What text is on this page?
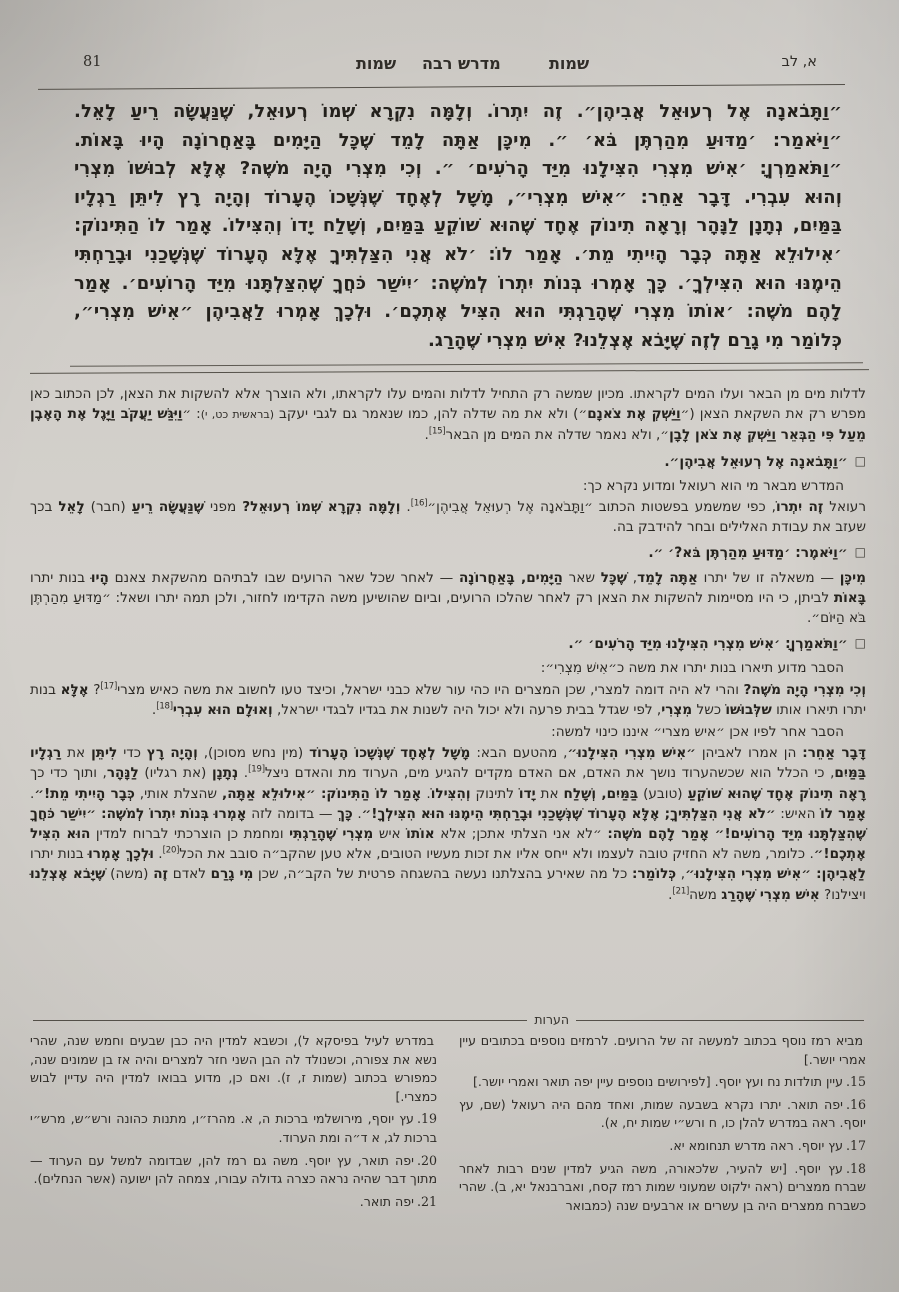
א, לב
שמות
מדרש רבה
שמות
81
״וַתָּבֹאנָה אֶל רְעוּאֵל אֲבִיהֶן״. זֶה יִתְרוֹ. וְלָמָּה נִקְרָא שְׁמוֹ רְעוּאֵל, שֶׁנַּעֲשָׂה רֵיעַ לָאֵל.
״וַיֹּאמַר: ׳מַדּוּעַ מִהַרְתֶּן בֹּא׳ ״. מִיכָּן אַתָּה לָמֵד שֶׁכָּל הַיָּמִים בָּאַחֲרוֹנָה הָיוּ בָּאוֹת.
״וַתֹּאמַרְןָ: ׳אִישׁ מִצְרִי הִצִּילָנוּ מִיַּד הָרֹעִים׳ ״. וְכִי מִצְרִי הָיָה מֹשֶׁה? אֶלָּא לְבוּשׁוֹ מִצְרִי
וְהוּא עִבְרִי. דָּבָר אַחֵר: ״אִישׁ מִצְרִי״, מָשָׁל לְאֶחָד שֶׁנְּשָׁכוֹ הֶעָרוֹד וְהָיָה רָץ לִיתֵּן רַגְלָיו
בַּמַּיִם, נְתָנָן לַנָּהָר וְרָאָה תִינוֹק אֶחָד שֶׁהוּא שׁוֹקֵעַ בַּמַּיִם, וְשָׁלַח יָדוֹ וְהִצִּילוֹ. אָמַר לוֹ הַתִּינוֹק:
׳אִילוּלֵא אַתָּה כְּבָר הָיִיתִי מֵת׳. אָמַר לוֹ: ׳לֹא אֲנִי הִצַּלְתִּיךָ אֶלָּא הֶעָרוֹד שֶׁנְּשָׁכַנִי וּבָרַחְתִּי
הֵימֶנּוּ הוּא הִצִּילְךָ׳. כָּךְ אָמְרוּ בְּנוֹת יִתְרוֹ לְמֹשֶׁה: ׳יִישַׁר כֹּחֲךָ שֶׁהִצַּלְתָּנוּ מִיַּד הָרוֹעִים׳. אָמַר
לָהֶם מֹשֶׁה: ׳אוֹתוֹ מִצְרִי שֶׁהָרַגְתִּי הוּא הִצִּיל אֶתְכֶם׳. וּלְכָךְ אָמְרוּ לַאֲבִיהֶן ״אִישׁ מִצְרִי״,
כְּלוֹמַר מִי גָרַם לְזֶה שֶׁיָּבֹא אֶצְלֵנוּ? אִישׁ מִצְרִי שֶׁהָרַג.
לדלות מים מן הבאר ועלו המים לקראתו. מכיון שמשה רק התחיל לדלות והמים עלו לקראתו, ולא הוצרך אלא להשקות את הצאן, לכן הכתוב כאן מפרש רק את השקאת הצאן (״וַיַּשְׁקְ אֶת צֹאנָם״) ולא את מה שדלה להן, כמו שנאמר גם לגבי יעקב (בראשית כט, י): ״וַיִּגַּשׁ יַעֲקֹב וַיָּגֶל אֶת הָאֶבֶן מֵעַל פִּי הַבְּאֵר וַיַּשְׁקְ אֶת צֹאן לָבָן״, ולא נאמר שדלה את המים מן הבאר[15].
□״וַתָּבֹאנָה אֶל רְעוּאֵל אֲבִיהֶן״.
המדרש מבאר מי הוא רעואל ומדוע נקרא כך:
רעואל זֶה יִתְרוֹ, כפי שמשמע בפשטות הכתוב ״וַתָּבֹאנָה אֶל רְעוּאֵל אֲבִיהֶן״[16]. וְלָמָּה נִקְרָא שְׁמוֹ רְעוּאֵל? מפני שֶׁנַּעֲשָׂה רֵיעַ (חבר) לָאֵל בכך שעזב את עבודת האלילים ובחר להידבק בה.
□״וַיֹּאמֶר: ׳מַדּוּעַ מִהַרְתֶּן בֹּא?׳ ״.
מִיכָּן — משאלה זו של יתרו אַתָּה לָמֵד, שֶׁכָּל שאר הַיָּמִים, בָּאַחֲרוֹנָה — לאחר שכל שאר הרועים שבו לבתיהם מהשקאת צאנם הָיוּ בנות יתרו בָּאוֹת לביתן, כי היו מסיימות להשקות את הצאן רק לאחר שהלכו הרועים, וביום שהושיען משה הקדימו לחזור, ולכן תמה יתרו ושאל: ״מַדּוּעַ מִהַרְתֶּן בֹּא הַיּוֹם״.
□״וַתֹּאמַרְןָ: ׳אִישׁ מִצְרִי הִצִּילָנוּ מִיַּד הָרֹעִים׳ ״.
הסבר מדוע תיארו בנות יתרו את משה כ״אִישׁ מִצְרִי״:
וְכִי מִצְרִי הָיָה מֹשֶׁה? והרי לא היה דומה למצרי, שכן המצרים היו כהי עור שלא כבני ישראל, וכיצד טעו לחשוב את משה כאיש מצרי[17]? אֶלָּא בנות יתרו תיארו אותו שלְּבוּשׁוֹ כשל מִצְרִי, לפי שגדל בבית פרעה ולא יכול היה לשנות את בגדיו לבגדי ישראל, וְאוּלָם הוּא עִבְרִי[18].
הסבר אחר לפיו אכן ״איש מצרי״ איננו כינוי למשה:
דָּבָר אַחֵר: הן אמרו לאביהן ״אִישׁ מִצְרִי הִצִּילָנוּ״, מהטעם הבא: מָשָׁל לְאֶחָד שֶׁנְּשָׁכוֹ הֶעָרוֹד (מין נחש מסוכן), וְהָיָה רָץ כדי לִיתֵּן את רַגְלָיו בַּמַּיִם, כי הכלל הוא שכשהערוד נושך את האדם, אם האדם מקדים להגיע מים, הערוד מת והאדם ניצל[19]. נְתָנָן (את רגליו) לַנָּהָר, ותוך כדי כך רָאָה תִינוֹק אֶחָד שֶׁהוּא שׁוֹקֵעַ (טובע) בַּמַּיִם, וְשָׁלַח את יָדוֹ לתינוק וְהִצִּילוֹ. אָמַר לוֹ הַתִּינוֹק: ״אִילוּלֵא אַתָּה, שהצלת אותי, כְּבָר הָיִיתִי מֵת!״. אָמַר לוֹ האיש: ״לֹא אֲנִי הִצַּלְתִּיךָ; אֶלָּא הֶעָרוֹד שֶׁנְּשָׁכַנִי וּבָרַחְתִּי הֵימֶנּוּ הוּא הִצִּילְךָ!״. כָּךְ — בדומה לזה אָמְרוּ בְּנוֹת יִתְרוֹ לְמֹשֶׁה: ״יִישַׁר כֹּחֲךָ שֶׁהִצַּלְתָּנוּ מִיַּד הָרוֹעִים!״ אָמַר לָהֶם מֹשֶׁה: ״לא אני הצלתי אתכן; אלא אוֹתוֹ איש מִצְרִי שֶׁהָרַגְתִּי ומחמת כן הוצרכתי לברוח למדין הוּא הִצִּיל אֶתְכֶם!״. כלומר, משה לא החזיק טובה לעצמו ולא ייחס אליו את זכות מעשיו הטובים, אלא טען שהקב״ה סובב את הכל[20]. וּלְכָךְ אָמְרוּ בנות יתרו לַאֲבִיהֶן: ״אִישׁ מִצְרִי הִצִּילָנוּ״, כְּלוֹמַר: כל מה שאירע בהצלתנו נעשה בהשגחה פרטית של הקב״ה, שכן מִי גָרַם לאדם זֶה (משה) שֶׁיָּבֹא אֶצְלֵנוּ ויצילנו? אִישׁ מִצְרִי שֶׁהָרַג משה[21].
הערות
מביא רמז נוסף בכתוב למעשה זה של הרועים. לרמזים נוספים בכתובים עיין אמרי יושר.]
15.עיין תולדות נח ועץ יוסף. [לפירושים נוספים עיין יפה תואר ואמרי יושר.]
16.יפה תואר. יתרו נקרא בשבעה שמות, ואחד מהם היה רעואל (שם, עץ יוסף. ראה במדרש להלן כו, ח ורש״י שמות יח, א).
17.עץ יוסף. ראה מדרש תנחומא יא.
18.עץ יוסף. [יש להעיר, שלכאורה, משה הגיע למדין שנים רבות לאחר שברח ממצרים (ראה ילקוט שמעוני שמות רמז קסח, ואברבנאל יא, ב). שהרי כשברח ממצרים היה בן עשרים או ארבעים שנה (כמבואר
במדרש לעיל בפיסקא ל), וכשבא למדין היה כבן שבעים וחמש שנה, שהרי נשא את צפורה, וכשנולד לה הבן השני חזר למצרים והיה אז בן שמונים שנה, כמפורש בכתוב (שמות ז, ז). ואם כן, מדוע בבואו למדין היה עדיין לבוש כמצרי.]
19.עץ יוסף, מירושלמי ברכות ה, א. מהרז״ו, מתנות כהונה ורש״ש, מרש״י ברכות לג, א ד״ה ומת הערוד.
20.יפה תואר, עץ יוסף. משה גם רמז להן, שבדומה למשל עם הערוד — מתוך דבר שהיה נראה כצרה גדולה עבורו, צמחה להן ישועה (אשר הנחלים).
21.יפה תואר.
